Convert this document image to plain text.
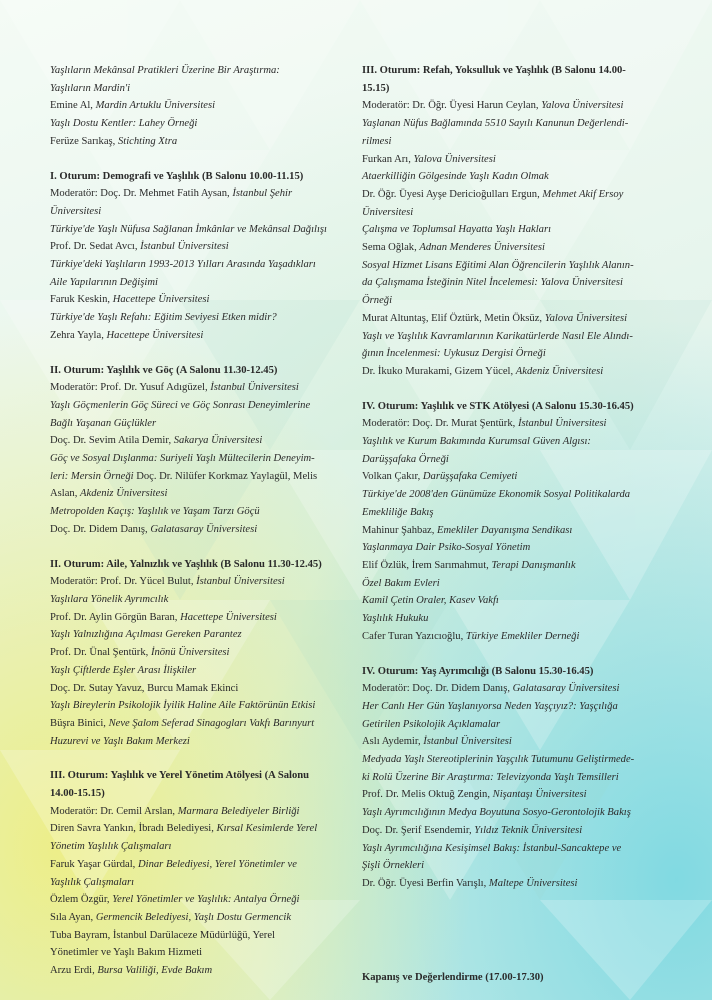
Yaşlıların Mekânsal Pratikleri Üzerine Bir Araştırma:
Yaşlıların Mardin'i
Emine Al, Mardin Artuklu Üniversitesi
Yaşlı Dostu Kentler: Lahey Örneği
Ferüze Sarıkaş, Stichting Xtra
I. Oturum: Demografi ve Yaşlılık (B Salonu 10.00-11.15)
Moderatör: Doç. Dr. Mehmet Fatih Aysan, İstanbul Şehir
Üniversitesi
Türkiye'de Yaşlı Nüfusa Sağlanan İmkânlar ve Mekânsal Dağılışı
Prof. Dr. Sedat Avcı, İstanbul Üniversitesi
Türkiye'deki Yaşlıların 1993-2013 Yılları Arasında Yaşadıkları
Aile Yapılarının Değişimi
Faruk Keskin, Hacettepe Üniversitesi
Türkiye'de Yaşlı Refahı: Eğitim Seviyesi Etken midir?
Zehra Yayla, Hacettepe Üniversitesi
II. Oturum: Yaşlılık ve Göç (A Salonu 11.30-12.45)
Moderatör: Prof. Dr. Yusuf Adıgüzel, İstanbul Üniversitesi
Yaşlı Göçmenlerin Göç Süreci ve Göç Sonrası Deneyimlerine
Bağlı Yaşanan Güçlükler
Doç. Dr. Sevim Atila Demir, Sakarya Üniversitesi
Göç ve Sosyal Dışlanma: Suriyeli Yaşlı Mültecilerin Deneyim-
leri: Mersin Örneği Doç. Dr. Nilüfer Korkmaz Yaylagül, Melis
Aslan, Akdeniz Üniversitesi
Metropolden Kaçış: Yaşlılık ve Yaşam Tarzı Göçü
Doç. Dr. Didem Danış, Galatasaray Üniversitesi
II. Oturum: Aile, Yalnızlık ve Yaşlılık (B Salonu 11.30-12.45)
Moderatör: Prof. Dr. Yücel Bulut, İstanbul Üniversitesi
Yaşlılara Yönelik Ayrımcılık
Prof. Dr. Aylin Görgün Baran, Hacettepe Üniversitesi
Yaşlı Yalnızlığına Açılması Gereken Parantez
Prof. Dr. Ünal Şentürk, İnönü Üniversitesi
Yaşlı Çiftlerde Eşler Arası İlişkiler
Doç. Dr. Sutay Yavuz, Burcu Mamak Ekinci
Yaşlı Bireylerin Psikolojik İyilik Haline Aile Faktörünün Etkisi
Büşra Binici, Neve Şalom Seferad Sinagogları Vakfı Barınyurt
Huzurevi ve Yaşlı Bakım Merkezi
III. Oturum: Yaşlılık ve Yerel Yönetim Atölyesi (A Salonu
14.00-15.15)
Moderatör: Dr. Cemil Arslan, Marmara Belediyeler Birliği
Diren Savra Yankın, İbradı Belediyesi, Kırsal Kesimlerde Yerel
Yönetim Yaşlılık Çalışmaları
Faruk Yaşar Gürdal, Dinar Belediyesi, Yerel Yönetimler ve
Yaşlılık Çalışmaları
Özlem Özgür, Yerel Yönetimler ve Yaşlılık: Antalya Örneği
Sıla Ayan, Germencik Belediyesi, Yaşlı Dostu Germencik
Tuba Bayram, İstanbul Darülaceze Müdürlüğü, Yerel
Yönetimler ve Yaşlı Bakım Hizmeti
Arzu Erdi, Bursa Valiliği, Evde Bakım
III. Oturum: Refah, Yoksulluk ve Yaşlılık (B Salonu 14.00-
15.15)
Moderatör: Dr. Öğr. Üyesi Harun Ceylan, Yalova Üniversitesi
Yaşlanan Nüfus Bağlamında 5510 Sayılı Kanunun Değerlendi-
rilmesi
Furkan Arı, Yalova Üniversitesi
Ataerkilliğin Gölgesinde Yaşlı Kadın Olmak
Dr. Öğr. Üyesi Ayşe Dericioğulları Ergun, Mehmet Akif Ersoy
Üniversitesi
Çalışma ve Toplumsal Hayatta Yaşlı Hakları
Sema Oğlak, Adnan Menderes Üniversitesi
Sosyal Hizmet Lisans Eğitimi Alan Öğrencilerin Yaşlılık Alanın-
da Çalışmama İsteğinin Nitel İncelemesi: Yalova Üniversitesi
Örneği
Murat Altuntaş, Elif Öztürk, Metin Öksüz, Yalova Üniversitesi
Yaşlı ve Yaşlılık Kavramlarının Karikatürlerde Nasıl Ele Alındı-
ğının İncelenmesi: Uykusuz Dergisi Örneği
Dr. İkuko Murakami, Gizem Yücel, Akdeniz Üniversitesi
IV. Oturum: Yaşlılık ve STK Atölyesi (A Salonu 15.30-16.45)
Moderatör: Doç. Dr. Murat Şentürk, İstanbul Üniversitesi
Yaşlılık ve Kurum Bakımında Kurumsal Güven Algısı:
Darüşşafaka Örneği
Volkan Çakır, Darüşşafaka Cemiyeti
Türkiye'de 2008'den Günümüze Ekonomik Sosyal Politikalarda
Emekliliğe Bakış
Mahinur Şahbaz, Emekliler Dayanışma Sendikası
Yaşlanmaya Dair Psiko-Sosyal Yönetim
Elif Özlük, İrem Sarımahmut, Terapi Danışmanlık
Özel Bakım Evleri
Kamil Çetin Oraler, Kasev Vakfı
Yaşlılık Hukuku
Cafer Turan Yazıcıoğlu, Türkiye Emekliler Derneği
IV. Oturum: Yaş Ayrımcılığı (B Salonu 15.30-16.45)
Moderatör: Doç. Dr. Didem Danış, Galatasaray Üniversitesi
Her Canlı Her Gün Yaşlanıyorsa Neden Yaşçıyız?: Yaşçılığa
Getirilen Psikolojik Açıklamalar
Aslı Aydemir, İstanbul Üniversitesi
Medyada Yaşlı Stereotiplerinin Yaşçılık Tutumunu Geliştirmede-
ki Rolü Üzerine Bir Araştırma: Televizyonda Yaşlı Temsilleri
Prof. Dr. Melis Oktuğ Zengin, Nişantaşı Üniversitesi
Yaşlı Ayrımcılığının Medya Boyutuna Sosyo-Gerontolojik Bakış
Doç. Dr. Şerif Esendemir, Yıldız Teknik Üniversitesi
Yaşlı Ayrımcılığına Kesişimsel Bakış: İstanbul-Sancaktepe ve
Şişli Örnekleri
Dr. Öğr. Üyesi Berfin Varışlı, Maltepe Üniversitesi
Kapanış ve Değerlendirme (17.00-17.30)
